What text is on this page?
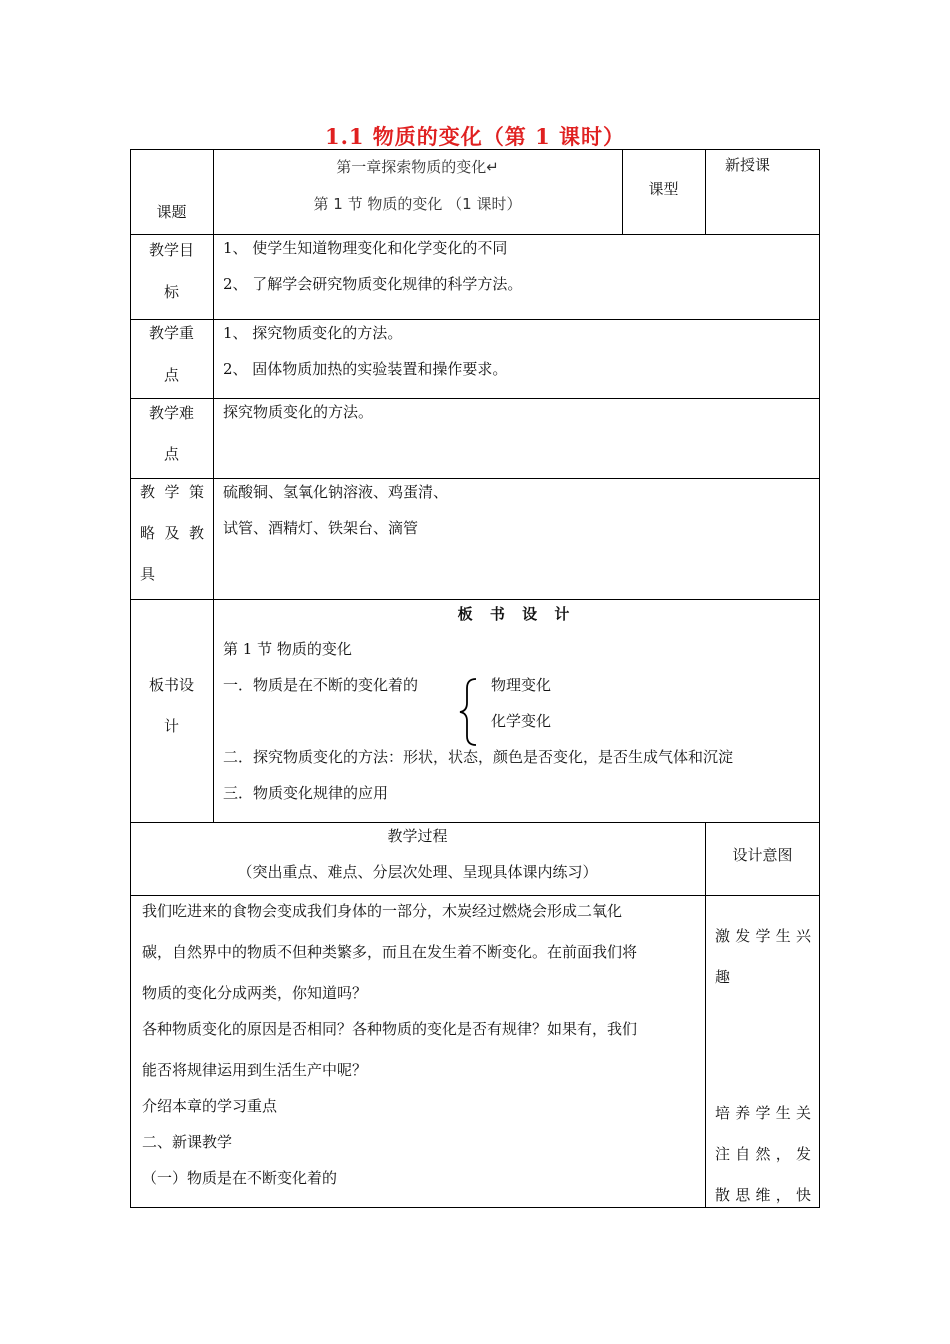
1.1 物质的变化（第 1 课时）
课题
第一章探索物质的变化↵
第 1 节 物质的变化 （1 课时）
课型
新授课
教学目
标
1、 使学生知道物理变化和化学变化的不同
2、 了解学会研究物质变化规律的科学方法。
教学重
点
1、 探究物质变化的方法。
2、 固体物质加热的实验装置和操作要求。
教学难
点
探究物质变化的方法。
教 学 策
略 及 教
具
硫酸铜、氢氧化钠溶液、鸡蛋清、
试管、酒精灯、铁架台、滴管
板书设
计
板 书 设 计
第 1 节 物质的变化
一．物质是在不断的变化着的	物理变化
化学变化
二．探究物质变化的方法：形状，状态，颜色是否变化，是否生成气体和沉淀
三．物质变化规律的应用
教学过程
（突出重点、难点、分层次处理、呈现具体课内练习）
设计意图
我们吃进来的食物会变成我们身体的一部分，木炭经过燃烧会形成二氧化
碳，自然界中的物质不但种类繁多，而且在发生着不断变化。在前面我们将
物质的变化分成两类，你知道吗？
各种物质变化的原因是否相同？各种物质的变化是否有规律？如果有，我们
能否将规律运用到生活生产中呢？
介绍本章的学习重点
二、新课教学
（一）物质是在不断变化着的
激发学生兴
趣
培养学生关
注自然，发
散思维，快
